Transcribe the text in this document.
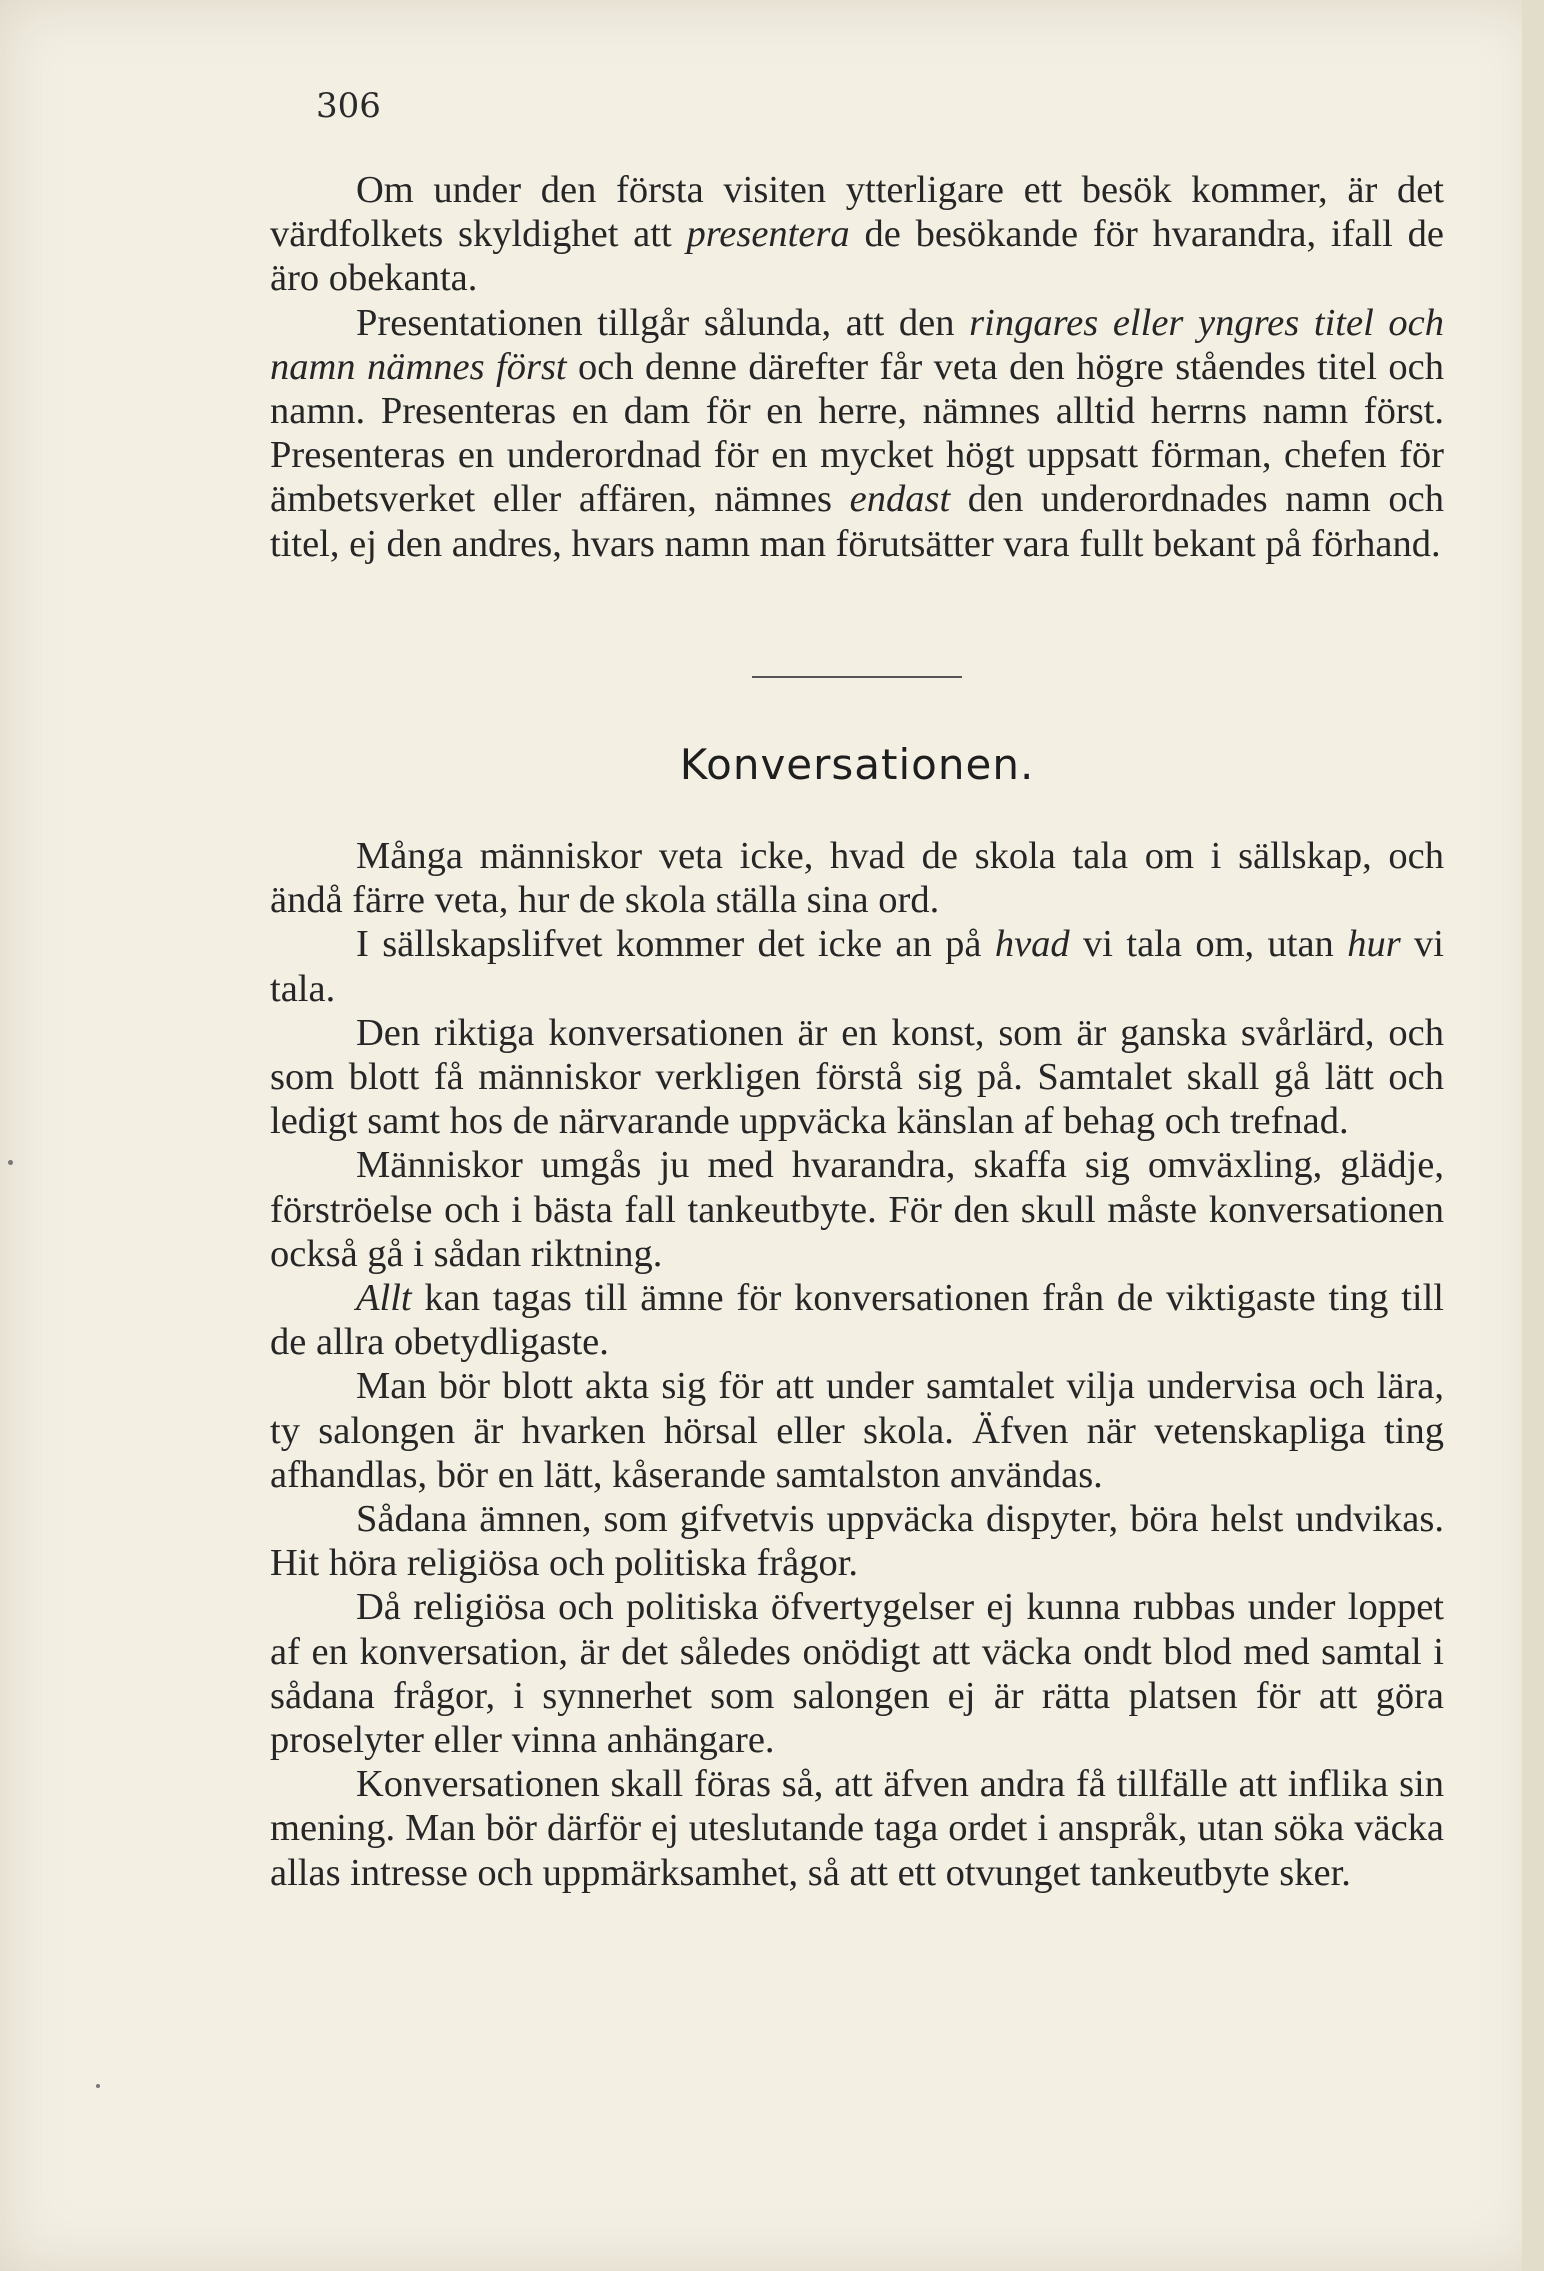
306

Om under den första visiten ytterligare ett besök kommer, är det värdfolkets skyldighet att presentera de besökande för hvarandra, ifall de äro obekanta.

Presentationen tillgår sålunda, att den ringares eller yngres titel och namn nämnes först och denne därefter får veta den högre ståendes titel och namn. Presenteras en dam för en herre, nämnes alltid herrns namn först. Presenteras en underordnad för en mycket högt uppsatt förman, chefen för ämbetsverket eller affären, nämnes endast den underordnades namn och titel, ej den andres, hvars namn man förutsätter vara fullt bekant på förhand.

Konversationen.

Många människor veta icke, hvad de skola tala om i sällskap, och ändå färre veta, hur de skola ställa sina ord.

I sällskapslifvet kommer det icke an på hvad vi tala om, utan hur vi tala.

Den riktiga konversationen är en konst, som är ganska svårlärd, och som blott få människor verkligen förstå sig på. Samtalet skall gå lätt och ledigt samt hos de närvarande uppväcka känslan af behag och trefnad.

Människor umgås ju med hvarandra, skaffa sig omväxling, glädje, förströelse och i bästa fall tankeutbyte. För den skull måste konversationen också gå i sådan riktning.

Allt kan tagas till ämne för konversationen från de viktigaste ting till de allra obetydligaste.

Man bör blott akta sig för att under samtalet vilja undervisa och lära, ty salongen är hvarken hörsal eller skola. Äfven när vetenskapliga ting afhandlas, bör en lätt, kåserande samtalston användas.

Sådana ämnen, som gifvetvis uppväcka dispyter, böra helst undvikas. Hit höra religiösa och politiska frågor.

Då religiösa och politiska öfvertygelser ej kunna rubbas under loppet af en konversation, är det således onödigt att väcka ondt blod med samtal i sådana frågor, i synnerhet som salongen ej är rätta platsen för att göra proselyter eller vinna anhängare.

Konversationen skall föras så, att äfven andra få tillfälle att inflika sin mening. Man bör därför ej uteslutande taga ordet i anspråk, utan söka väcka allas intresse och uppmärksamhet, så att ett otvunget tankeutbyte sker.
